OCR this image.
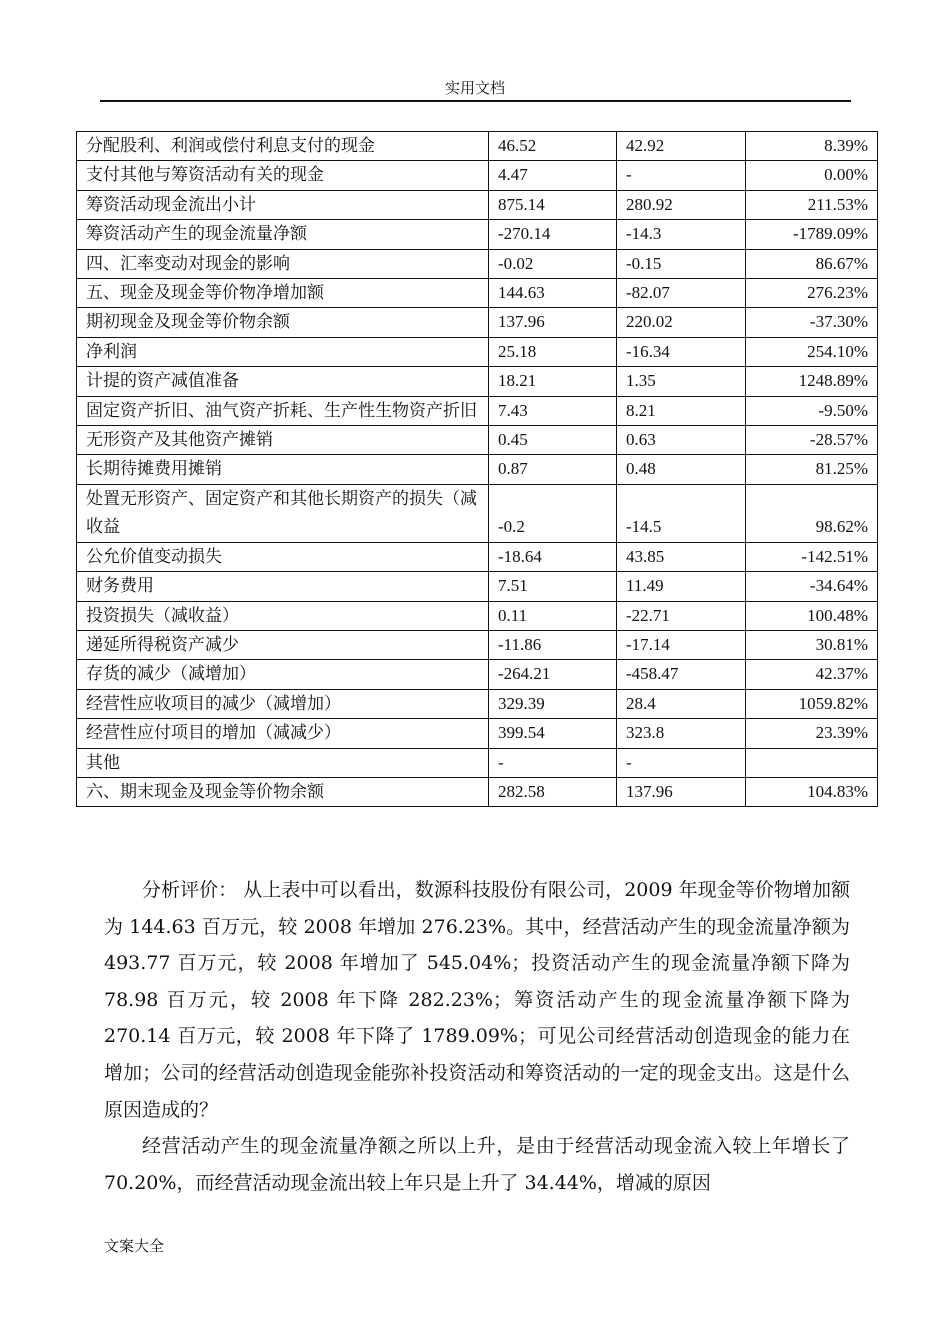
实用文档
分配股利、利润或偿付利息支付的现金	46.52	42.92	8.39%
支付其他与筹资活动有关的现金	4.47	-	0.00%
筹资活动现金流出小计	875.14	280.92	211.53%
筹资活动产生的现金流量净额	-270.14	-14.3	-1789.09%
四、汇率变动对现金的影响	-0.02	-0.15	86.67%
五、现金及现金等价物净增加额	144.63	-82.07	276.23%
期初现金及现金等价物余额	137.96	220.02	-37.30%
净利润	25.18	-16.34	254.10%
计提的资产减值准备	18.21	1.35	1248.89%
固定资产折旧、油气资产折耗、生产性生物资产折旧	7.43	8.21	-9.50%
无形资产及其他资产摊销	0.45	0.63	-28.57%
长期待摊费用摊销	0.87	0.48	81.25%
处置无形资产、固定资产和其他长期资产的损失（减收益	-0.2	-14.5	98.62%
公允价值变动损失	-18.64	43.85	-142.51%
财务费用	7.51	11.49	-34.64%
投资损失（减收益）	0.11	-22.71	100.48%
递延所得税资产减少	-11.86	-17.14	30.81%
存货的减少（减增加）	-264.21	-458.47	42.37%
经营性应收项目的减少（减增加）	329.39	28.4	1059.82%
经营性应付项目的增加（减减少）	399.54	323.8	23.39%
其他	-	-	
六、期末现金及现金等价物余额	282.58	137.96	104.83%

分析评价： 从上表中可以看出，数源科技股份有限公司，2009 年现金等价物增加额为 144.63 百万元，较 2008 年增加 276.23%。其中，经营活动产生的现金流量净额为 493.77 百万元，较 2008 年增加了 545.04%；投资活动产生的现金流量净额下降为 78.98 百万元，较 2008 年下降 282.23%；筹资活动产生的现金流量净额下降为 270.14 百万元，较 2008 年下降了 1789.09%；可见公司经营活动创造现金的能力在增加；公司的经营活动创造现金能弥补投资活动和筹资活动的一定的现金支出。这是什么原因造成的？

经营活动产生的现金流量净额之所以上升，是由于经营活动现金流入较上年增长了 70.20%，而经营活动现金流出较上年只是上升了 34.44%，增减的原因

文案大全
